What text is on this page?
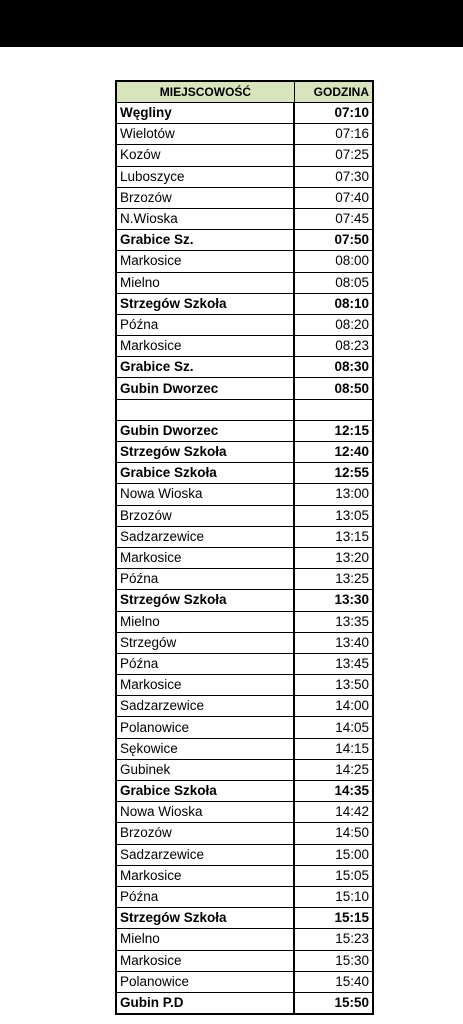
MIEJSCOWOŚĆ	GODZINA
Węgliny	07:10
Wielotów	07:16
Kozów	07:25
Luboszyce	07:30
Brzozów	07:40
N.Wioska	07:45
Grabice Sz.	07:50
Markosice	08:00
Mielno	08:05
Strzegów Szkoła	08:10
Późna	08:20
Markosice	08:23
Grabice Sz.	08:30
Gubin Dworzec	08:50

Gubin Dworzec	12:15
Strzegów Szkoła	12:40
Grabice Szkoła	12:55
Nowa Wioska	13:00
Brzozów	13:05
Sadzarzewice	13:15
Markosice	13:20
Późna	13:25
Strzegów Szkoła	13:30
Mielno	13:35
Strzegów	13:40
Późna	13:45
Markosice	13:50
Sadzarzewice	14:00
Polanowice	14:05
Sękowice	14:15
Gubinek	14:25
Grabice Szkoła	14:35
Nowa Wioska	14:42
Brzozów	14:50
Sadzarzewice	15:00
Markosice	15:05
Późna	15:10
Strzegów Szkoła	15:15
Mielno	15:23
Markosice	15:30
Polanowice	15:40
Gubin P.D	15:50
